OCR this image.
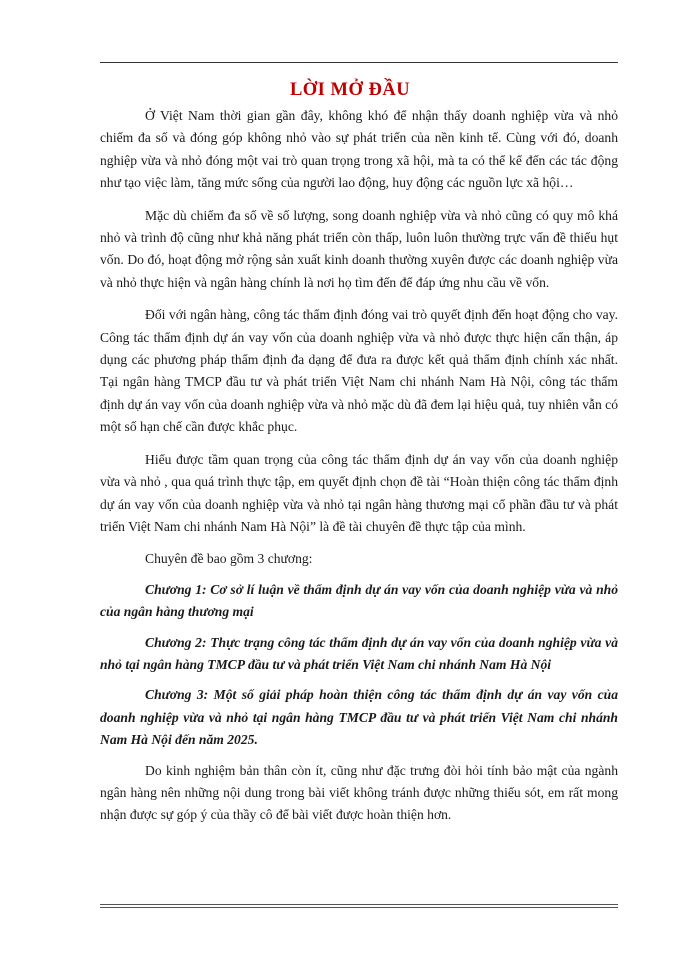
LỜI MỞ ĐẦU

Ở Việt Nam thời gian gần đây, không khó để nhận thấy doanh nghiệp vừa và nhỏ chiếm đa số và đóng góp không nhỏ vào sự phát triển của nền kinh tế. Cùng với đó, doanh nghiệp vừa và nhỏ đóng một vai trò quan trọng trong xã hội, mà ta có thể kể đến các tác động như tạo việc làm, tăng mức sống của người lao động, huy động các nguồn lực xã hội…

Mặc dù chiếm đa số về số lượng, song doanh nghiệp vừa và nhỏ cũng có quy mô khá nhỏ và trình độ cũng như khả năng phát triển còn thấp, luôn luôn thường trực vấn đề thiếu hụt vốn. Do đó, hoạt động mở rộng sản xuất kinh doanh thường xuyên được các doanh nghiệp vừa và nhỏ thực hiện và ngân hàng chính là nơi họ tìm đến để đáp ứng nhu cầu về vốn.

Đối với ngân hàng, công tác thẩm định đóng vai trò quyết định đến hoạt động cho vay. Công tác thẩm định dự án vay vốn của doanh nghiệp vừa và nhỏ được thực hiện cẩn thận, áp dụng các phương pháp thẩm định đa dạng để đưa ra được kết quả thẩm định chính xác nhất. Tại ngân hàng TMCP đầu tư và phát triển Việt Nam chi nhánh Nam Hà Nội, công tác thẩm định dự án vay vốn của doanh nghiệp vừa và nhỏ mặc dù đã đem lại hiệu quả, tuy nhiên vẫn có một số hạn chế cần được khắc phục.

Hiểu được tầm quan trọng của công tác thẩm định dự án vay vốn của doanh nghiệp vừa và nhỏ , qua quá trình thực tập, em quyết định chọn đề tài “Hoàn thiện công tác thẩm định dự án vay vốn của doanh nghiệp vừa và nhỏ tại ngân hàng thương mại cổ phần đầu tư và phát triển Việt Nam chi nhánh Nam Hà Nội” là đề tài chuyên đề thực tập của mình.

Chuyên đề bao gồm 3 chương:

Chương 1: Cơ sở lí luận về thẩm định dự án vay vốn của doanh nghiệp vừa và nhỏ của ngân hàng thương mại

Chương 2: Thực trạng công tác thẩm định dự án vay vốn của doanh nghiệp vừa và nhỏ tại ngân hàng TMCP đầu tư và phát triển Việt Nam chi nhánh Nam Hà Nội

Chương 3: Một số giải pháp hoàn thiện công tác thẩm định dự án vay vốn của doanh nghiệp vừa và nhỏ tại ngân hàng TMCP đầu tư và phát triển Việt Nam chi nhánh Nam Hà Nội đến năm 2025.

Do kinh nghiệm bản thân còn ít, cũng như đặc trưng đòi hỏi tính bảo mật của ngành ngân hàng nên những nội dung trong bài viết không tránh được những thiếu sót, em rất mong nhận được sự góp ý của thầy cô để bài viết được hoàn thiện hơn.
